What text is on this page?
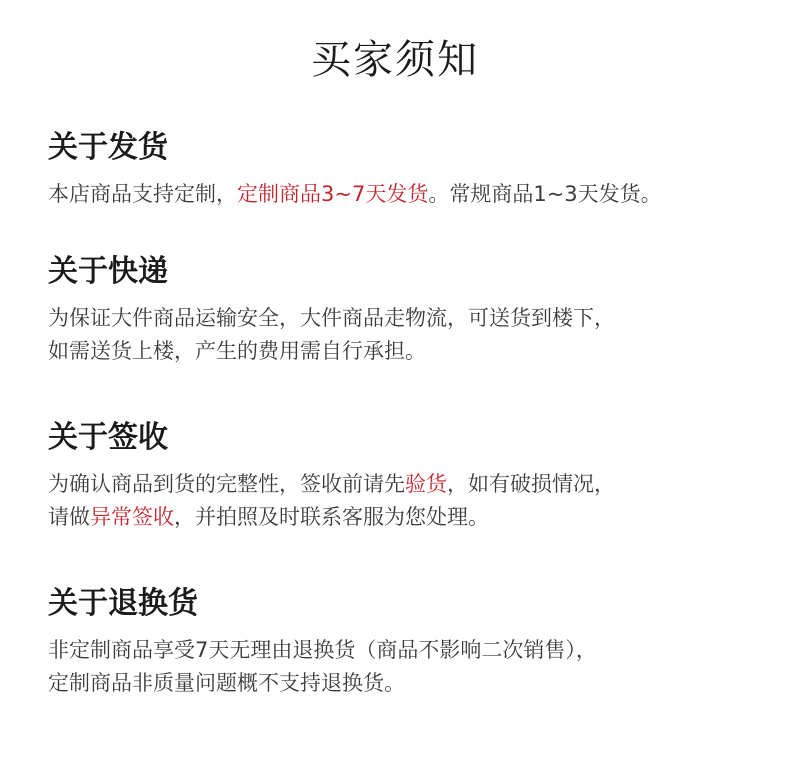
买家须知
关于发货

本店商品支持定制，定制商品3~7天发货。常规商品1~3天发货。

关于快递

为保证大件商品运输安全，大件商品走物流，可送货到楼下，
如需送货上楼，产生的费用需自行承担。

关于签收

为确认商品到货的完整性，签收前请先验货，如有破损情况，
请做异常签收，并拍照及时联系客服为您处理。

关于退换货

非定制商品享受7天无理由退换货（商品不影响二次销售），
定制商品非质量问题概不支持退换货。
